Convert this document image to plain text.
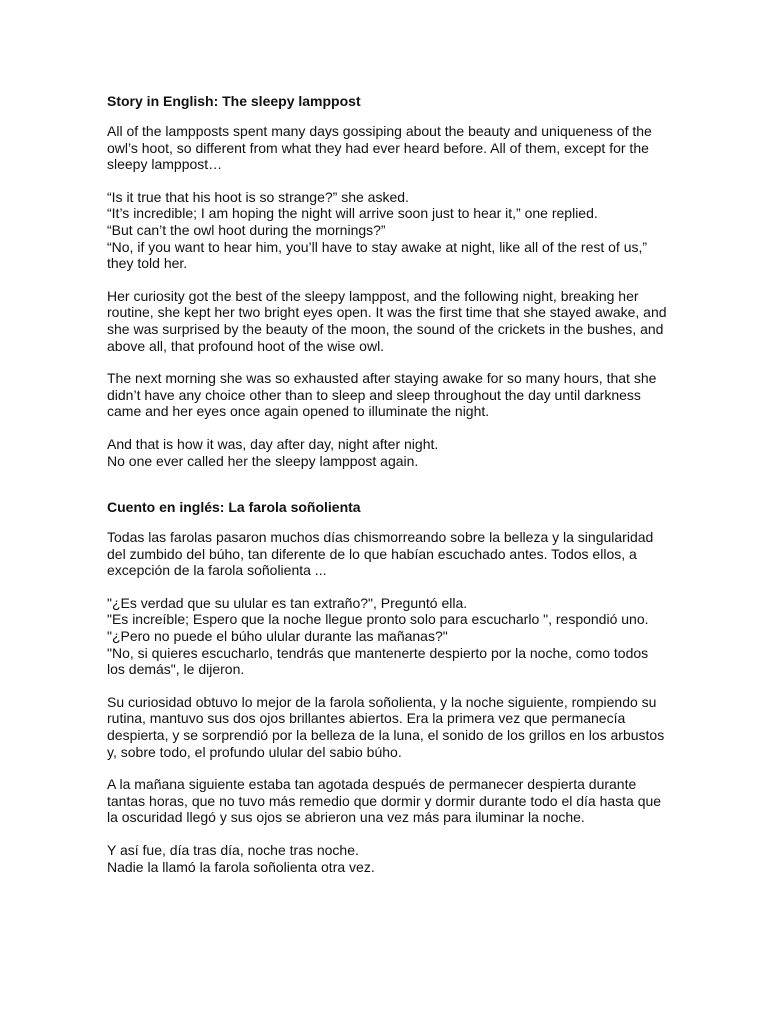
Story in English: The sleepy lamppost
All of the lampposts spent many days gossiping about the beauty and uniqueness of the
owl’s hoot, so different from what they had ever heard before. All of them, except for the
sleepy lamppost…
“Is it true that his hoot is so strange?” she asked.
“It’s incredible; I am hoping the night will arrive soon just to hear it,” one replied.
“But can’t the owl hoot during the mornings?”
“No, if you want to hear him, you’ll have to stay awake at night, like all of the rest of us,”
they told her.
Her curiosity got the best of the sleepy lamppost, and the following night, breaking her
routine, she kept her two bright eyes open. It was the first time that she stayed awake, and
she was surprised by the beauty of the moon, the sound of the crickets in the bushes, and
above all, that profound hoot of the wise owl.
The next morning she was so exhausted after staying awake for so many hours, that she
didn’t have any choice other than to sleep and sleep throughout the day until darkness
came and her eyes once again opened to illuminate the night.
And that is how it was, day after day, night after night.
No one ever called her the sleepy lamppost again.
Cuento en inglés: La farola soñolienta
Todas las farolas pasaron muchos días chismorreando sobre la belleza y la singularidad
del zumbido del búho, tan diferente de lo que habían escuchado antes. Todos ellos, a
excepción de la farola soñolienta ...
"¿Es verdad que su ulular es tan extraño?", Preguntó ella.
"Es increíble; Espero que la noche llegue pronto solo para escucharlo ", respondió uno.
"¿Pero no puede el búho ulular durante las mañanas?"
"No, si quieres escucharlo, tendrás que mantenerte despierto por la noche, como todos
los demás", le dijeron.
Su curiosidad obtuvo lo mejor de la farola soñolienta, y la noche siguiente, rompiendo su
rutina, mantuvo sus dos ojos brillantes abiertos. Era la primera vez que permanecía
despierta, y se sorprendió por la belleza de la luna, el sonido de los grillos en los arbustos
y, sobre todo, el profundo ulular del sabio búho.
A la mañana siguiente estaba tan agotada después de permanecer despierta durante
tantas horas, que no tuvo más remedio que dormir y dormir durante todo el día hasta que
la oscuridad llegó y sus ojos se abrieron una vez más para iluminar la noche.
Y así fue, día tras día, noche tras noche.
Nadie la llamó la farola soñolienta otra vez.
